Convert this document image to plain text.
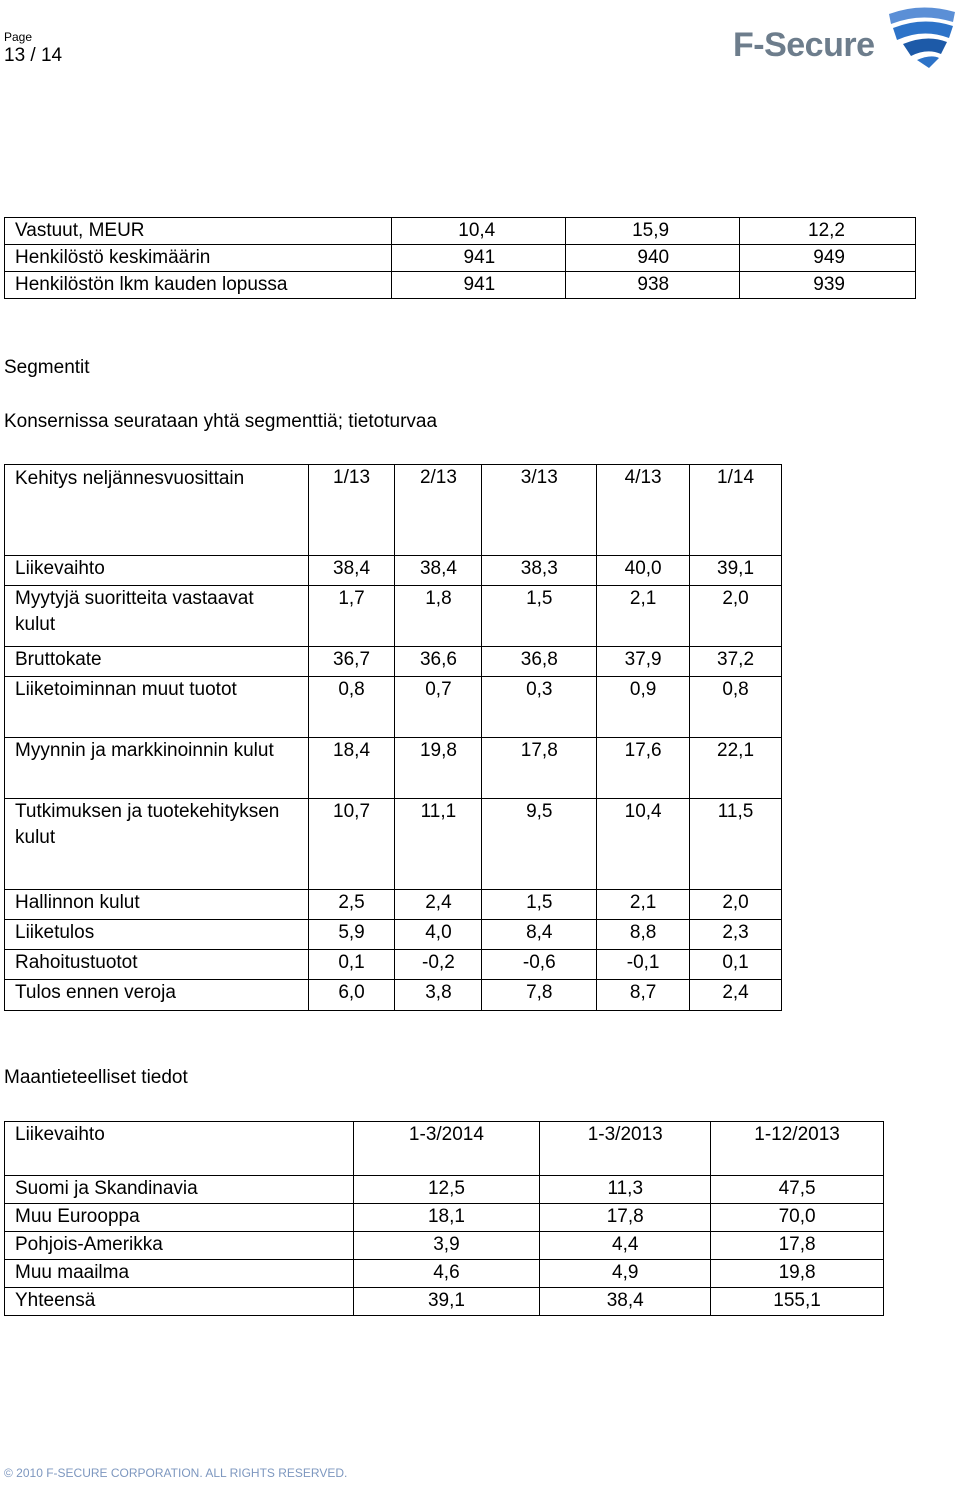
Page
13 / 14	F-Secure
Vastuut, MEUR	10,4	15,9	12,2
Henkilöstö keskimäärin	941	940	949
Henkilöstön lkm kauden lopussa	941	938	939
Segmentit
Konsernissa seurataan yhtä segmenttiä; tietoturvaa
Kehitys neljännesvuosittain	1/13	2/13	3/13	4/13	1/14
Liikevaihto	38,4	38,4	38,3	40,0	39,1
Myytyjä suoritteita vastaavat kulut	1,7	1,8	1,5	2,1	2,0
Bruttokate	36,7	36,6	36,8	37,9	37,2
Liiketoiminnan muut tuotot	0,8	0,7	0,3	0,9	0,8
Myynnin ja markkinoinnin kulut	18,4	19,8	17,8	17,6	22,1
Tutkimuksen ja tuotekehityksen kulut	10,7	11,1	9,5	10,4	11,5
Hallinnon kulut	2,5	2,4	1,5	2,1	2,0
Liiketulos	5,9	4,0	8,4	8,8	2,3
Rahoitustuotot	0,1	-0,2	-0,6	-0,1	0,1
Tulos ennen veroja	6,0	3,8	7,8	8,7	2,4
Maantieteelliset tiedot
Liikevaihto	1-3/2014	1-3/2013	1-12/2013
Suomi ja Skandinavia	12,5	11,3	47,5
Muu Eurooppa	18,1	17,8	70,0
Pohjois-Amerikka	3,9	4,4	17,8
Muu maailma	4,6	4,9	19,8
Yhteensä	39,1	38,4	155,1
© 2010 F-SECURE CORPORATION. ALL RIGHTS RESERVED.
